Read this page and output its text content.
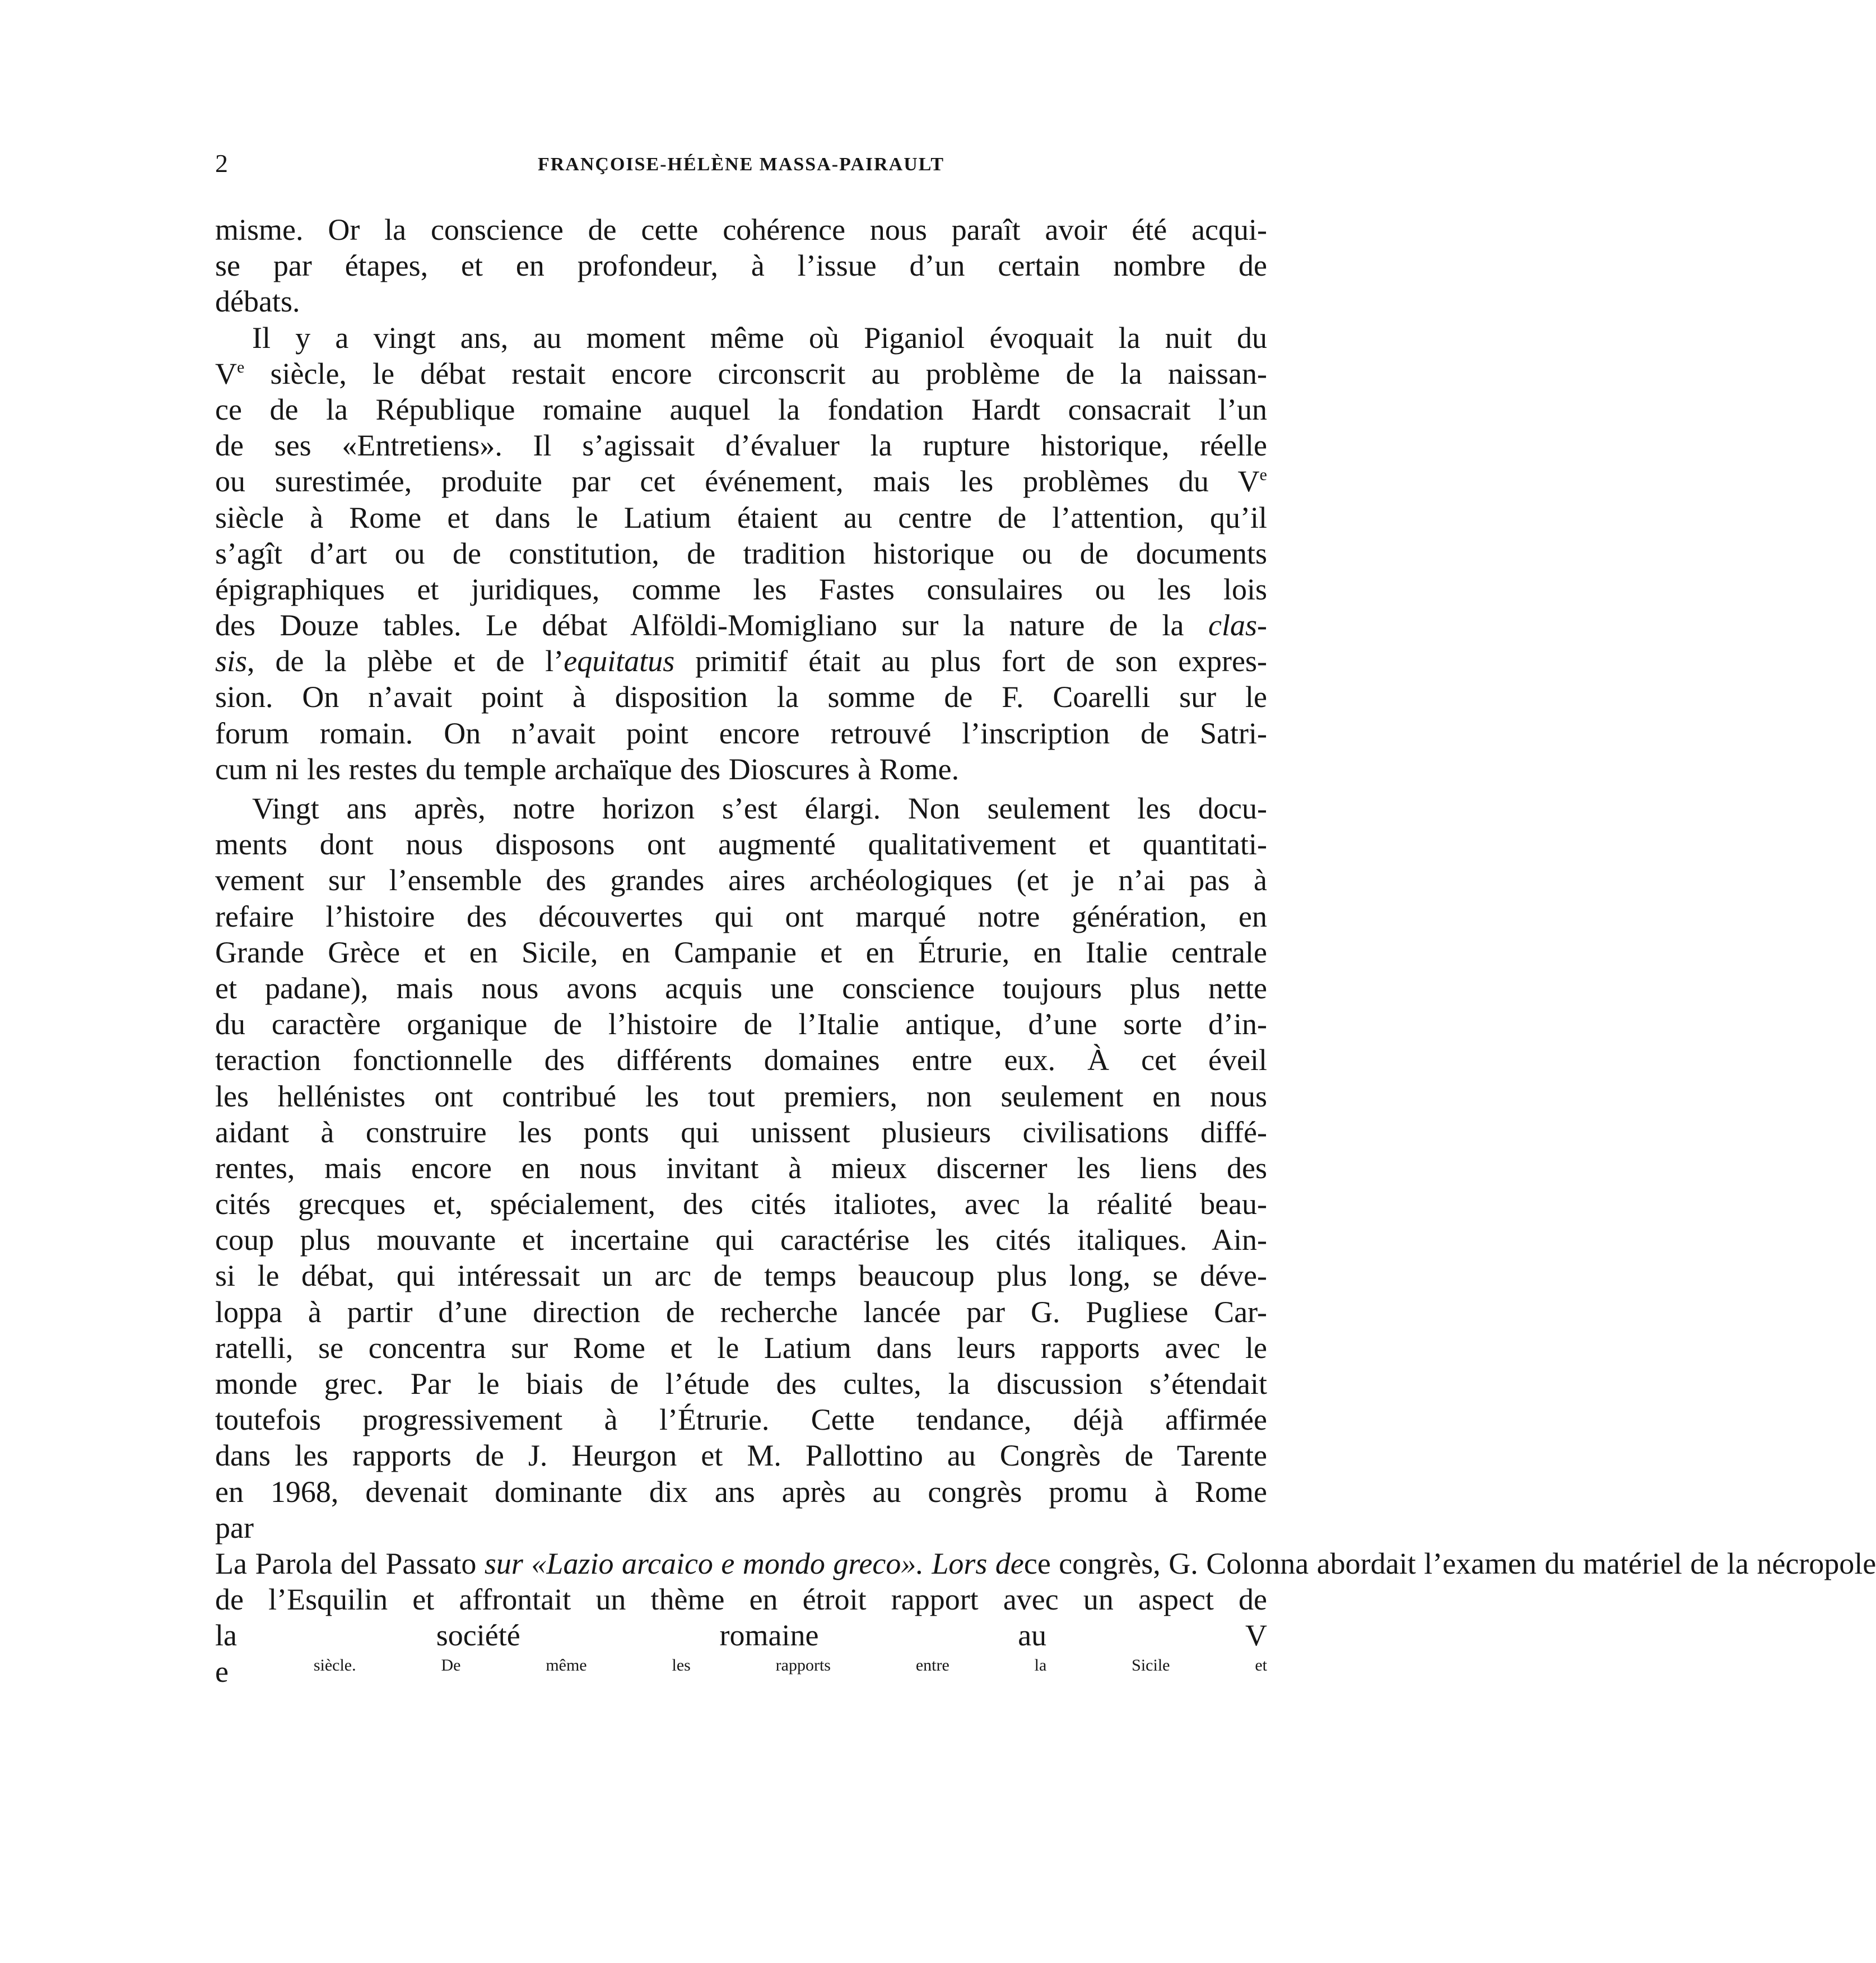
2	FRANÇOISE-HÉLÈNE MASSA-PAIRAULT
misme. Or la conscience de cette cohérence nous paraît avoir été acqui-
se par étapes, et en profondeur, à l’issue d’un certain nombre de
débats.
Il y a vingt ans, au moment même où Piganiol évoquait la nuit du
Ve siècle, le débat restait encore circonscrit au problème de la naissan-
ce de la République romaine auquel la fondation Hardt consacrait l’un
de ses «Entretiens». Il s’agissait d’évaluer la rupture historique, réelle
ou surestimée, produite par cet événement, mais les problèmes du Ve
siècle à Rome et dans le Latium étaient au centre de l’attention, qu’il
s’agît d’art ou de constitution, de tradition historique ou de documents
épigraphiques et juridiques, comme les Fastes consulaires ou les lois
des Douze tables. Le débat Alföldi-Momigliano sur la nature de la clas-
sis, de la plèbe et de l’equitatus primitif était au plus fort de son expres-
sion. On n’avait point à disposition la somme de F. Coarelli sur le
forum romain. On n’avait point encore retrouvé l’inscription de Satri-
cum ni les restes du temple archaïque des Dioscures à Rome.
Vingt ans après, notre horizon s’est élargi. Non seulement les docu-
ments dont nous disposons ont augmenté qualitativement et quantitati-
vement sur l’ensemble des grandes aires archéologiques (et je n’ai pas à
refaire l’histoire des découvertes qui ont marqué notre génération, en
Grande Grèce et en Sicile, en Campanie et en Étrurie, en Italie centrale
et padane), mais nous avons acquis une conscience toujours plus nette
du caractère organique de l’histoire de l’Italie antique, d’une sorte d’in-
teraction fonctionnelle des différents domaines entre eux. À cet éveil
les hellénistes ont contribué les tout premiers, non seulement en nous
aidant à construire les ponts qui unissent plusieurs civilisations diffé-
rentes, mais encore en nous invitant à mieux discerner les liens des
cités grecques et, spécialement, des cités italiotes, avec la réalité beau-
coup plus mouvante et incertaine qui caractérise les cités italiques. Ain-
si le débat, qui intéressait un arc de temps beaucoup plus long, se déve-
loppa à partir d’une direction de recherche lancée par G. Pugliese Car-
ratelli, se concentra sur Rome et le Latium dans leurs rapports avec le
monde grec. Par le biais de l’étude des cultes, la discussion s’étendait
toutefois progressivement à l’Étrurie. Cette tendance, déjà affirmée
dans les rapports de J. Heurgon et M. Pallottino au Congrès de Tarente
en 1968, devenait dominante dix ans après au congrès promu à Rome
par
La Parola del Passato sur «Lazio arcaico e mondo greco». Lors dece congrès, G. Colonna abordait l’examen du matériel de la nécropole
de l’Esquilin et affrontait un thème en étroit rapport avec un aspect de
la société romaine au V
e $^{siècle. De même les rapports entre la Sicile et}$
